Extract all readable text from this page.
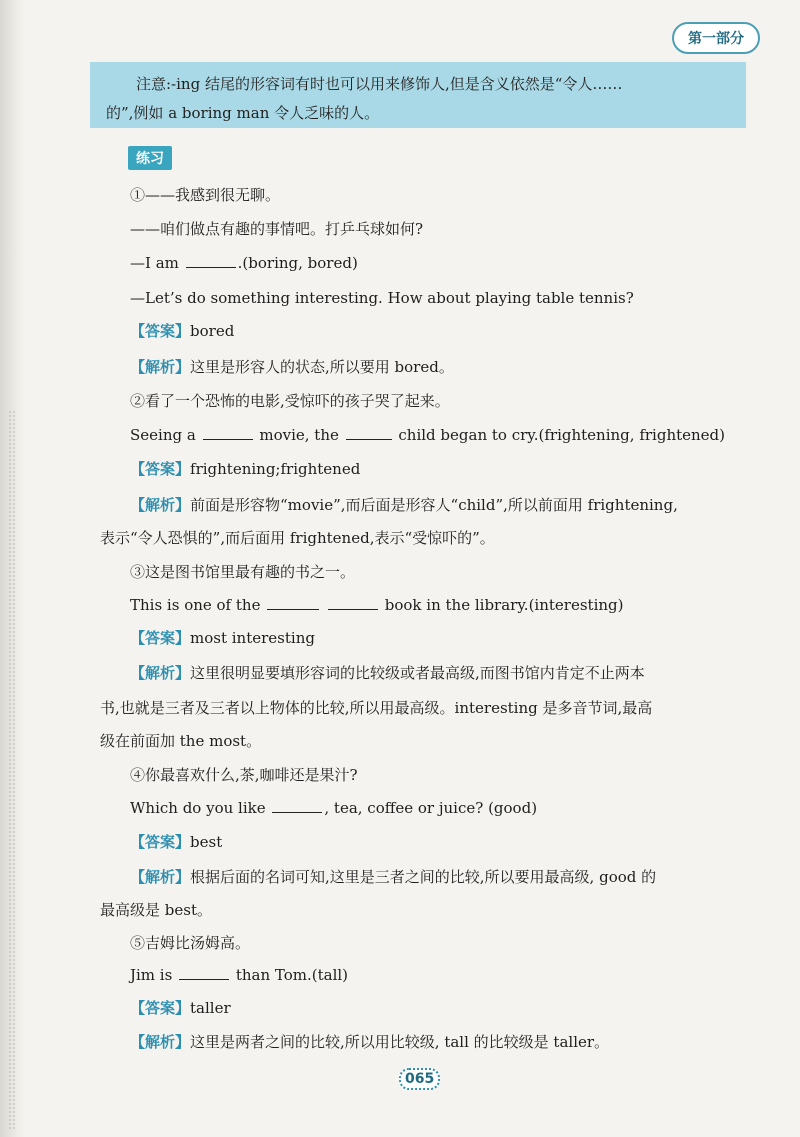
第一部分
注意:-ing 结尾的形容词有时也可以用来修饰人,但是含义依然是“令人……
的”,例如 a boring man 令人乏味的人。
练习
①——我感到很无聊。
——咱们做点有趣的事情吧。打乒乓球如何?
—I am	.(boring, bored)
—Let’s do something interesting. How about playing table tennis?
【答案】bored
【解析】这里是形容人的状态,所以要用 bored。
②看了一个恐怖的电影,受惊吓的孩子哭了起来。
Seeing a	movie, the	child began to cry.(frightening, frightened)
【答案】frightening;frightened
【解析】前面是形容物“movie”,而后面是形容人“child”,所以前面用 frightening,
表示“令人恐惧的”,而后面用 frightened,表示“受惊吓的”。
③这是图书馆里最有趣的书之一。
This is one of the	book in the library.(interesting)
【答案】most interesting
【解析】这里很明显要填形容词的比较级或者最高级,而图书馆内肯定不止两本
书,也就是三者及三者以上物体的比较,所以用最高级。interesting 是多音节词,最高
级在前面加 the most。
④你最喜欢什么,茶,咖啡还是果汁?
Which do you like	, tea, coffee or juice? (good)
【答案】best
【解析】根据后面的名词可知,这里是三者之间的比较,所以要用最高级, good 的
最高级是 best。
⑤吉姆比汤姆高。
Jim is	than Tom.(tall)
【答案】taller
【解析】这里是两者之间的比较,所以用比较级, tall 的比较级是 taller。
065
